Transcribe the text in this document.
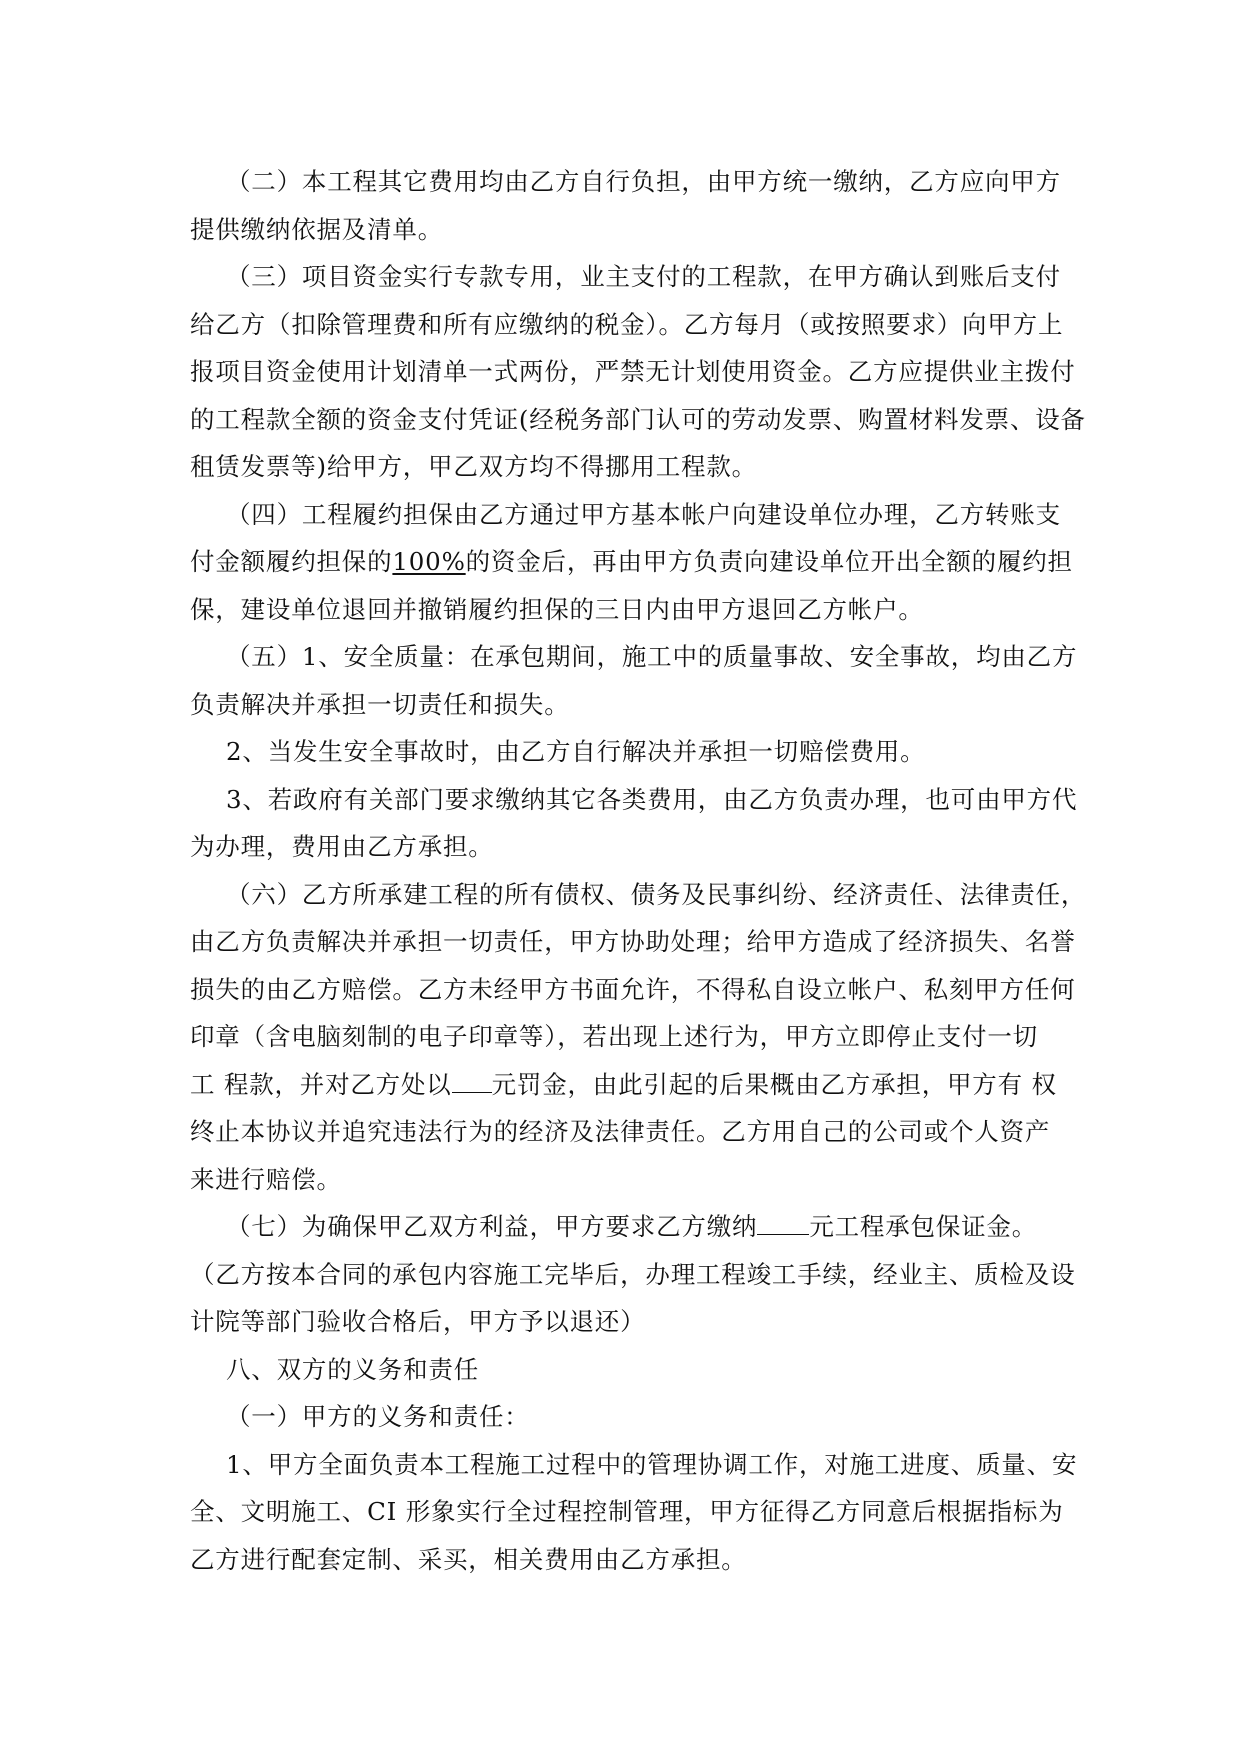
（二）本工程其它费用均由乙方自行负担，由甲方统一缴纳，乙方应向甲方
提供缴纳依据及清单。
（三）项目资金实行专款专用，业主支付的工程款，在甲方确认到账后支付
给乙方（扣除管理费和所有应缴纳的税金）。乙方每月（或按照要求）向甲方上
报项目资金使用计划清单一式两份，严禁无计划使用资金。乙方应提供业主拨付
的工程款全额的资金支付凭证(经税务部门认可的劳动发票、购置材料发票、设备
租赁发票等)给甲方，甲乙双方均不得挪用工程款。
（四）工程履约担保由乙方通过甲方基本帐户向建设单位办理，乙方转账支
付金额履约担保的100%的资金后，再由甲方负责向建设单位开出全额的履约担
保，建设单位退回并撤销履约担保的三日内由甲方退回乙方帐户。
（五）1、安全质量：在承包期间，施工中的质量事故、安全事故，均由乙方
负责解决并承担一切责任和损失。
2、当发生安全事故时，由乙方自行解决并承担一切赔偿费用。
3、若政府有关部门要求缴纳其它各类费用，由乙方负责办理，也可由甲方代
为办理，费用由乙方承担。
（六）乙方所承建工程的所有债权、债务及民事纠纷、经济责任、法律责任，
由乙方负责解决并承担一切责任，甲方协助处理；给甲方造成了经济损失、名誉
损失的由乙方赔偿。乙方未经甲方书面允许，不得私自设立帐户、私刻甲方任何
印章（含电脑刻制的电子印章等），若出现上述行为，甲方立即停止支付一切
工 程款，并对乙方处以 元罚金，由此引起的后果概由乙方承担，甲方有 权
终止本协议并追究违法行为的经济及法律责任。乙方用自己的公司或个人资产
来进行赔偿。
（七）为确保甲乙双方利益，甲方要求乙方缴纳 元工程承包保证金。
（乙方按本合同的承包内容施工完毕后，办理工程竣工手续，经业主、质检及设
计院等部门验收合格后，甲方予以退还）
八、双方的义务和责任
（一）甲方的义务和责任：
1、甲方全面负责本工程施工过程中的管理协调工作，对施工进度、质量、安
全、文明施工、CI 形象实行全过程控制管理，甲方征得乙方同意后根据指标为
乙方进行配套定制、采买，相关费用由乙方承担。
